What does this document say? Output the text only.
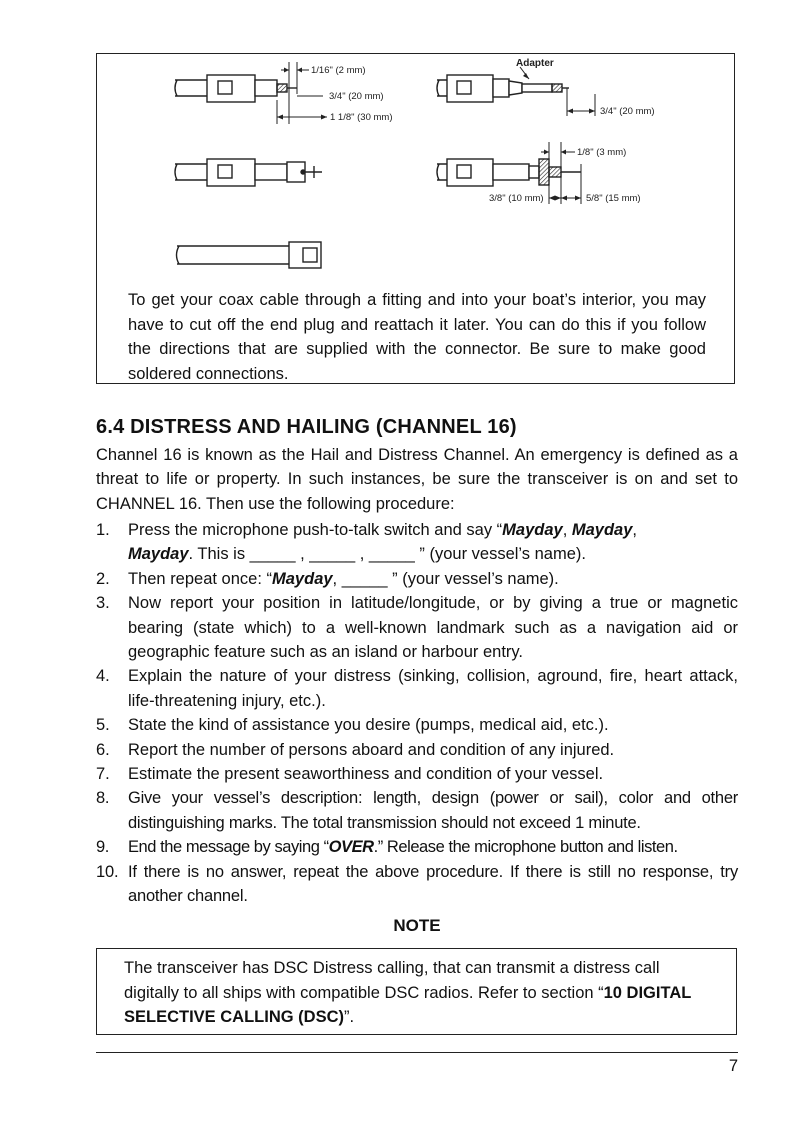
1/16" (2 mm)
3/4" (20 mm)
1 1/8" (30 mm)
Adapter
3/4" (20 mm)
1/8" (3 mm)
3/8" (10 mm)	5/8" (15 mm)

To get your coax cable through a fitting and into your boat’s interior, you may have to cut off the end plug and reattach it later. You can do this if you follow the directions that are supplied with the connector. Be sure to make good soldered connections.

6.4 DISTRESS AND HAILING (CHANNEL 16)

Channel 16 is known as the Hail and Distress Channel. An emergency is defined as a threat to life or property. In such instances, be sure the transceiver is on and set to CHANNEL 16. Then use the following procedure:

1. Press the microphone push-to-talk switch and say “Mayday, Mayday,
Mayday. This is _____ , _____ , _____ ” (your vessel’s name).
2. Then repeat once: “Mayday, _____ ” (your vessel’s name).
3. Now report your position in latitude/longitude, or by giving a true or magnetic bearing (state which) to a well-known landmark such as a navigation aid or geographic feature such as an island or harbour entry.
4. Explain the nature of your distress (sinking, collision, aground, fire, heart attack, life-threatening injury, etc.).
5. State the kind of assistance you desire (pumps, medical aid, etc.).
6. Report the number of persons aboard and condition of any injured.
7. Estimate the present seaworthiness and condition of your vessel.
8. Give your vessel’s description: length, design (power or sail), color and other distinguishing marks. The total transmission should not exceed 1 minute.
9. End the message by saying “OVER.” Release the microphone button and listen.
10. If there is no answer, repeat the above procedure. If there is still no response, try another channel.

NOTE

The transceiver has DSC Distress calling, that can transmit a distress call digitally to all ships with compatible DSC radios. Refer to section “10 DIGITAL SELECTIVE CALLING (DSC)”.

7
